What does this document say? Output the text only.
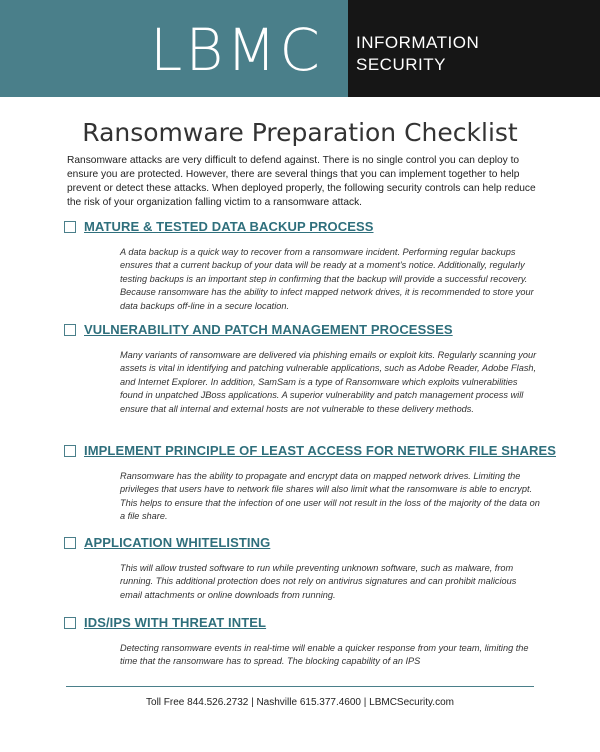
LBMC INFORMATION
SECURITY
Ransomware Preparation Checklist
Ransomware attacks are very difficult to defend against. There is no single control you can deploy to ensure you are protected. However, there are several things that you can implement together to help prevent or detect these attacks. When deployed properly, the following security controls can help reduce the risk of your organization falling victim to a ransomware attack.
MATURE & TESTED DATA BACKUP PROCESS
A data backup is a quick way to recover from a ransomware incident. Performing regular backups ensures that a current backup of your data will be ready at a moment's notice. Additionally, regularly testing backups is an important step in confirming that the backup will provide a successful recovery. Because ransomware has the ability to infect mapped network drives, it is recommended to store your data backups off-line in a secure location.
VULNERABILITY AND PATCH MANAGEMENT PROCESSES
Many variants of ransomware are delivered via phishing emails or exploit kits. Regularly scanning your assets is vital in identifying and patching vulnerable applications, such as Adobe Reader, Adobe Flash, and Internet Explorer. In addition, SamSam is a type of Ransomware which exploits vulnerabilities found in unpatched JBoss applications. A superior vulnerability and patch management process will ensure that all internal and external hosts are not vulnerable to these delivery methods.
IMPLEMENT PRINCIPLE OF LEAST ACCESS FOR NETWORK FILE SHARES
Ransomware has the ability to propagate and encrypt data on mapped network drives. Limiting the privileges that users have to network file shares will also limit what the ransomware is able to encrypt. This helps to ensure that the infection of one user will not result in the loss of the majority of the data on a file share.
APPLICATION WHITELISTING
This will allow trusted software to run while preventing unknown software, such as malware, from running. This additional protection does not rely on antivirus signatures and can prohibit malicious email attachments or online downloads from running.
IDS/IPS WITH THREAT INTEL
Detecting ransomware events in real-time will enable a quicker response from your team, limiting the time that the ransomware has to spread. The blocking capability of an IPS
Toll Free 844.526.2732 | Nashville 615.377.4600 | LBMCSecurity.com
